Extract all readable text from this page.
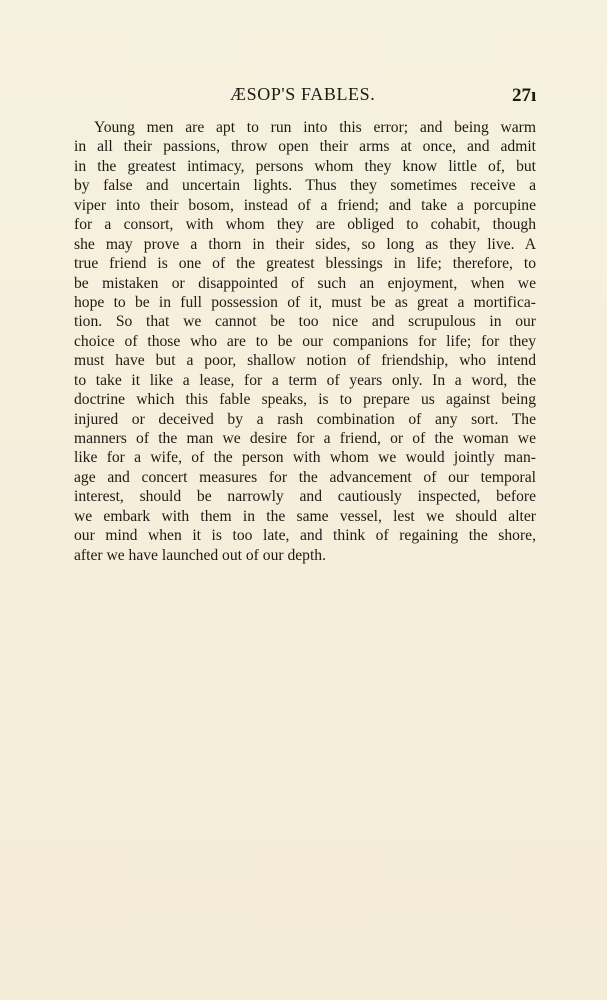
ÆSOP'S FABLES.	27ı
Young men are apt to run into this error; and being warm
in all their passions, throw open their arms at once, and admit
in the greatest intimacy, persons whom they know little of, but
by false and uncertain lights. Thus they sometimes receive a
viper into their bosom, instead of a friend; and take a porcupine
for a consort, with whom they are obliged to cohabit, though
she may prove a thorn in their sides, so long as they live. A
true friend is one of the greatest blessings in life; therefore, to
be mistaken or disappointed of such an enjoyment, when we
hope to be in full possession of it, must be as great a mortifica-
tion. So that we cannot be too nice and scrupulous in our
choice of those who are to be our companions for life; for they
must have but a poor, shallow notion of friendship, who intend
to take it like a lease, for a term of years only. In a word, the
doctrine which this fable speaks, is to prepare us against being
injured or deceived by a rash combination of any sort. The
manners of the man we desire for a friend, or of the woman we
like for a wife, of the person with whom we would jointly man-
age and concert measures for the advancement of our temporal
interest, should be narrowly and cautiously inspected, before
we embark with them in the same vessel, lest we should alter
our mind when it is too late, and think of regaining the shore,
after we have launched out of our depth.
